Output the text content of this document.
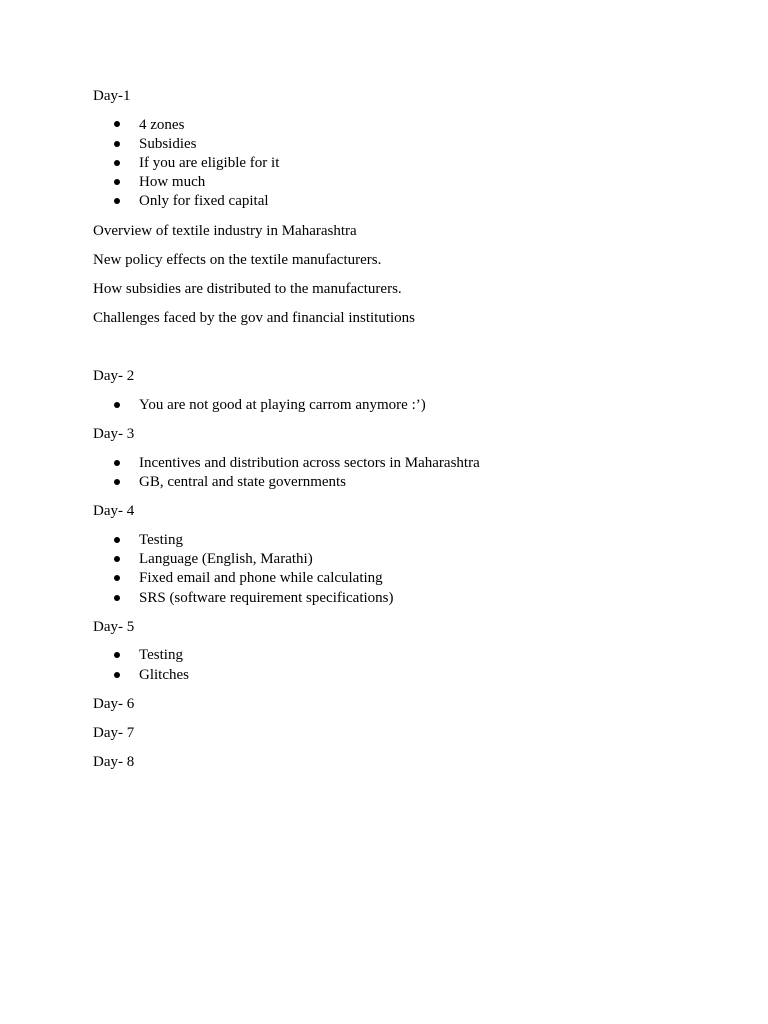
Day-1
4 zones
Subsidies
If you are eligible for it
How much
Only for fixed capital
Overview of textile industry in Maharashtra
New policy effects on the textile manufacturers.
How subsidies are distributed to the manufacturers.
Challenges faced by the gov and financial institutions
Day- 2
You are not good at playing carrom anymore :’)
Day- 3
Incentives and distribution across sectors in Maharashtra
GB, central and state governments
Day- 4
Testing
Language (English, Marathi)
Fixed email and phone while calculating
SRS (software requirement specifications)
Day- 5
Testing
Glitches
Day- 6
Day- 7
Day- 8
